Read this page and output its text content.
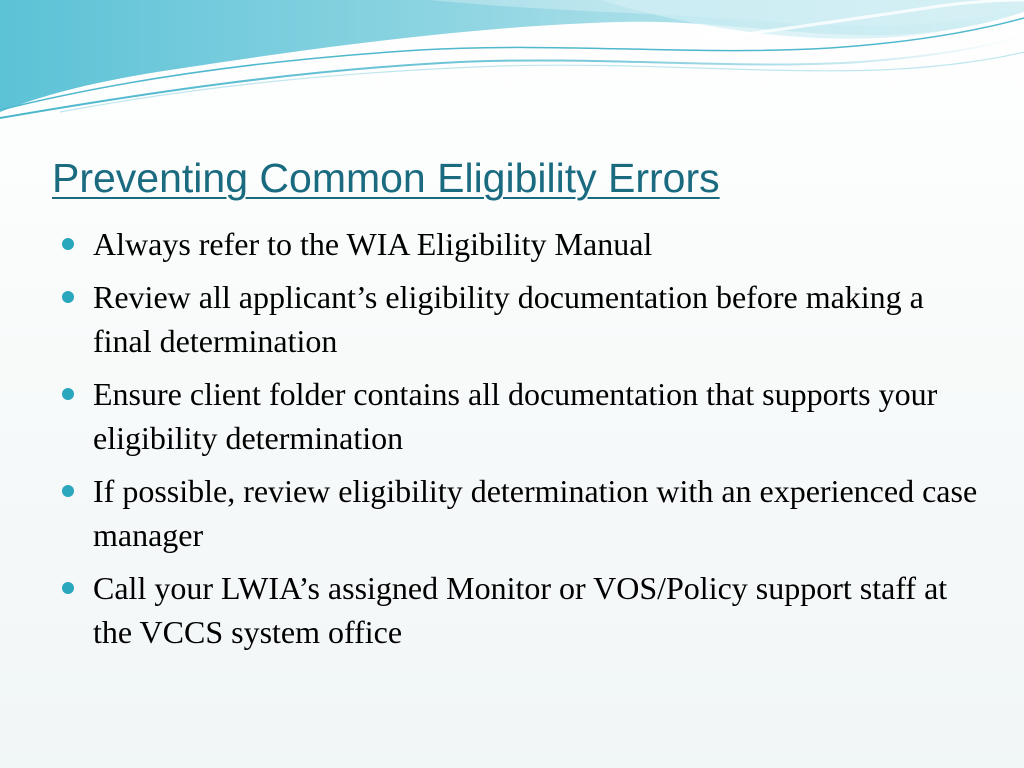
Preventing Common Eligibility Errors
Always refer to the WIA Eligibility Manual
Review all applicant’s eligibility documentation before making a final determination
Ensure client folder contains all documentation that supports your eligibility determination
If possible, review eligibility determination with an experienced case manager
Call your LWIA’s assigned Monitor or VOS/Policy support staff at the VCCS system office
